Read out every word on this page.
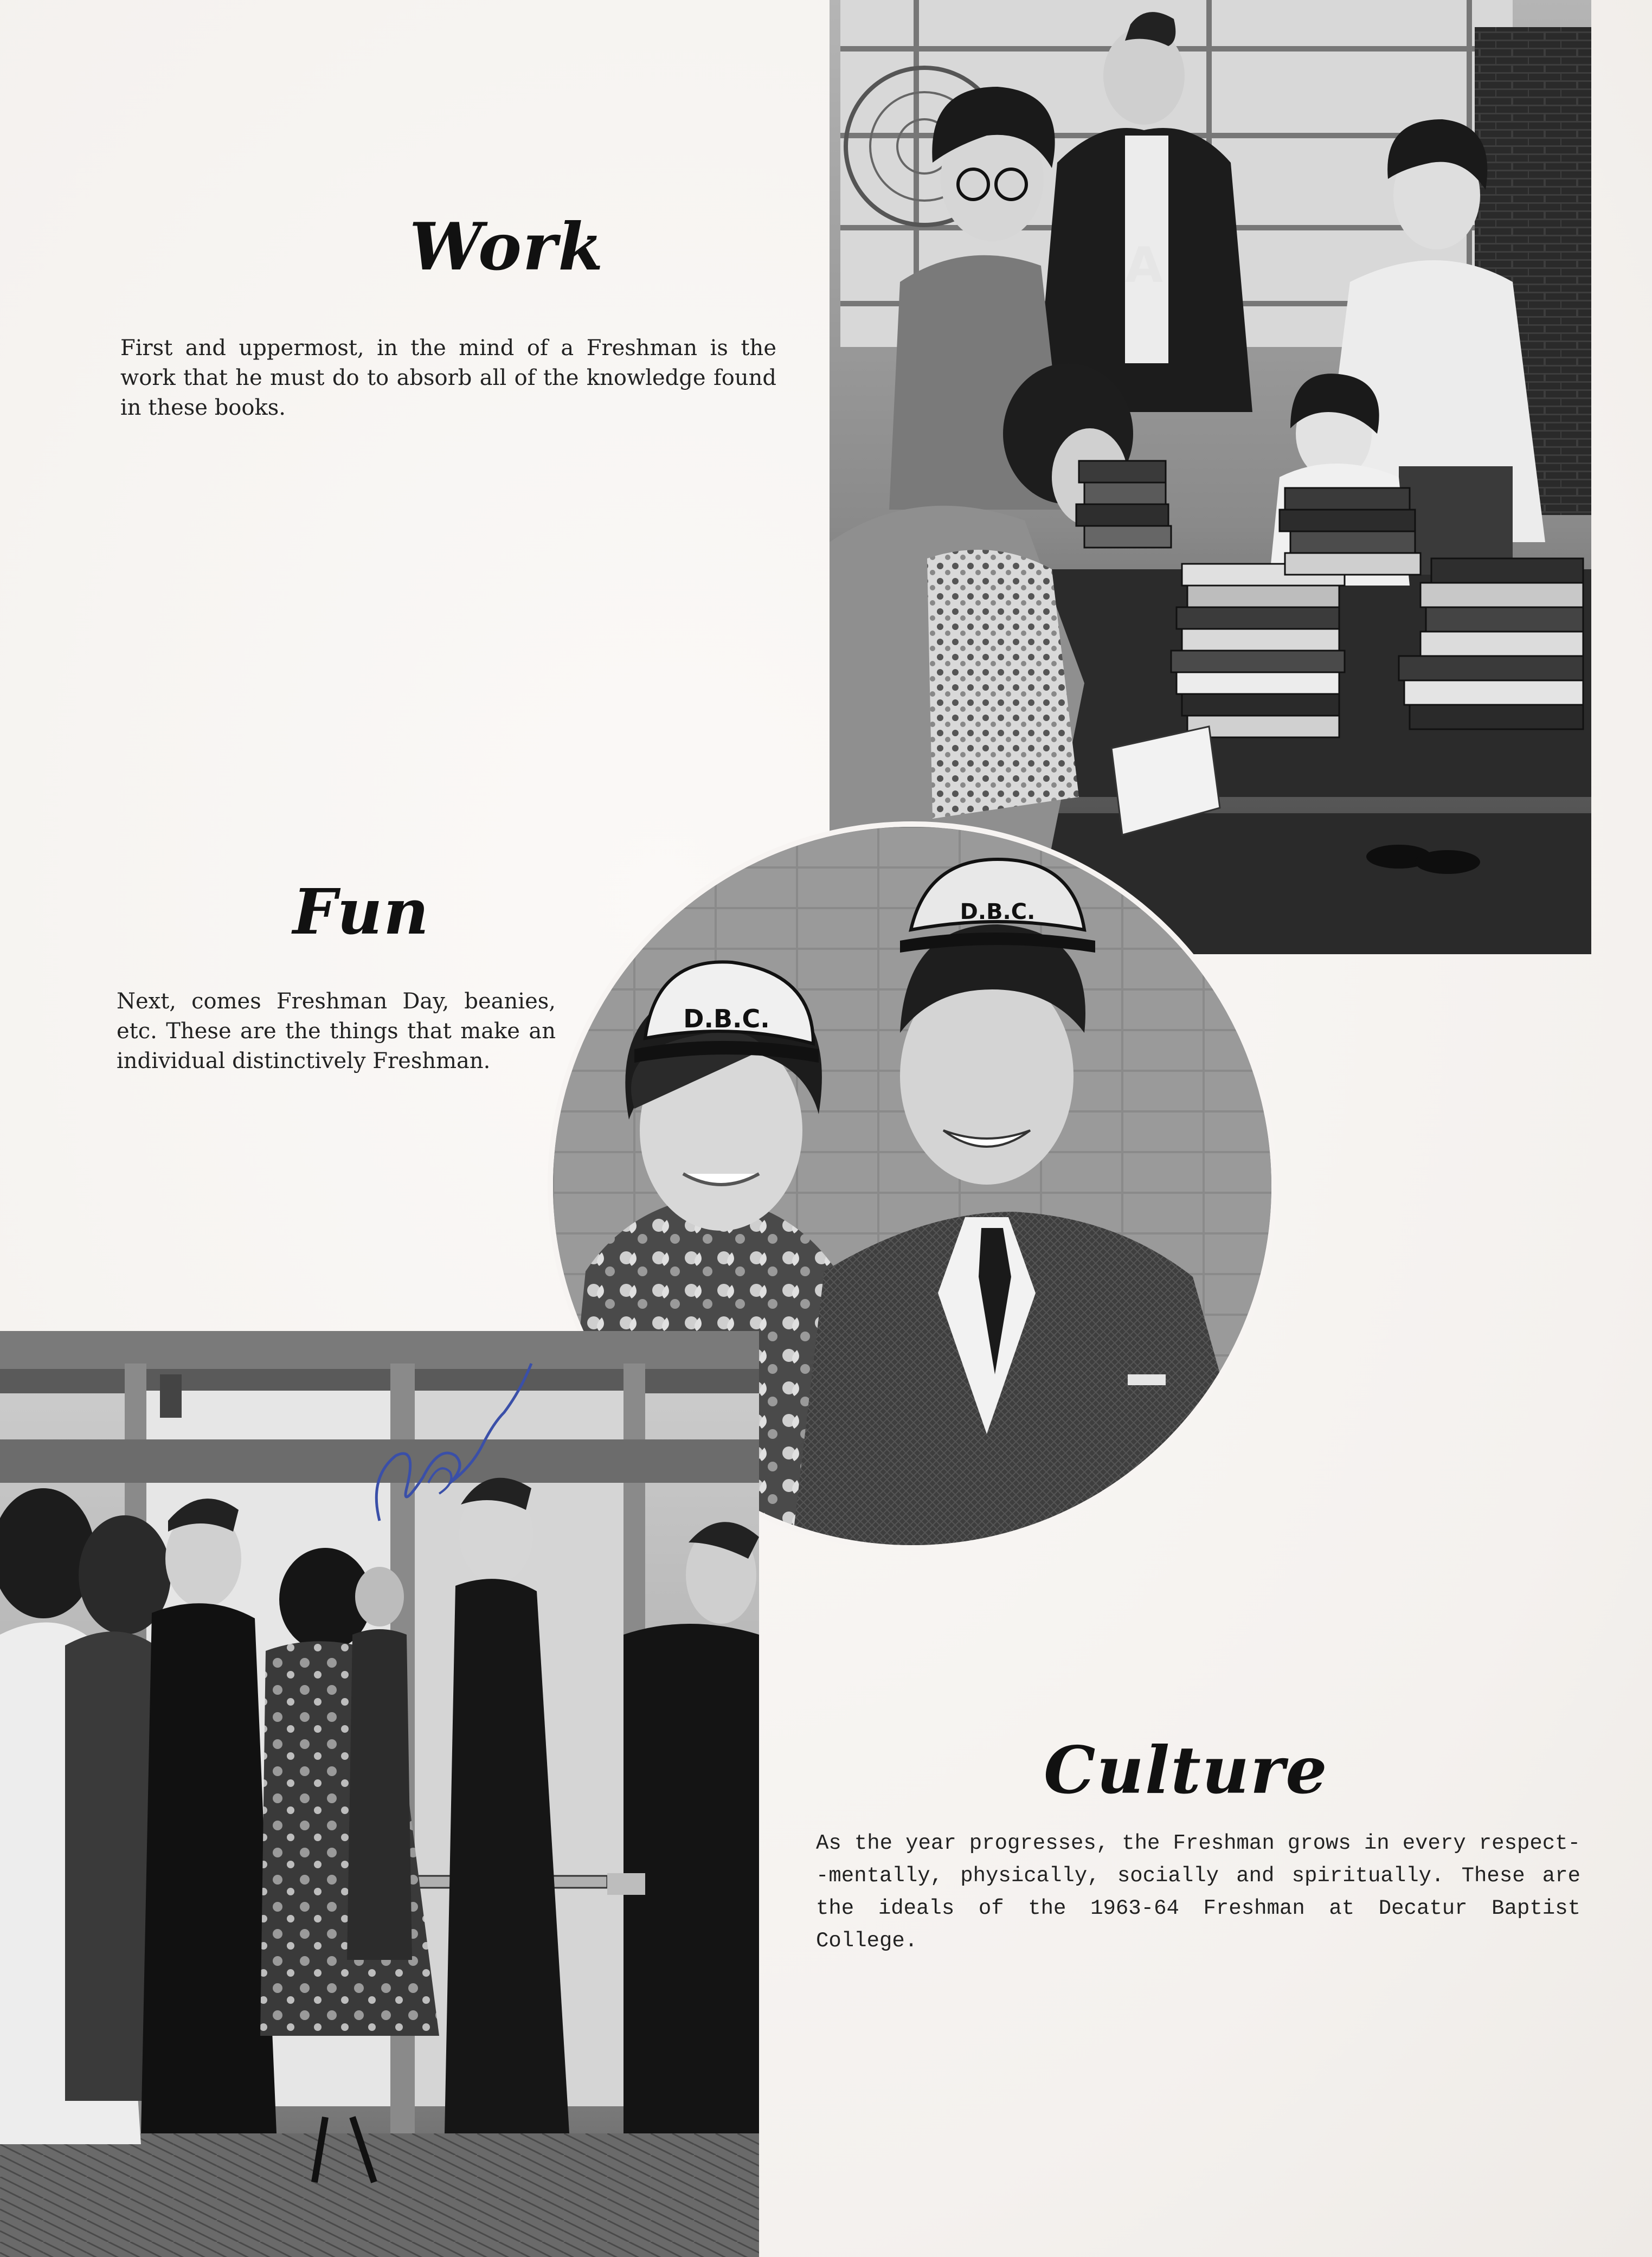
Work
First and uppermost, in the mind of a Freshman is the work that he must do to absorb all of the knowledge found in these books.
A
Fun
Next, comes Freshman Day, beanies, etc. These are the things that make an individual distinctively Freshman.
D.B.C.
D.B.C.
Culture
As the year progresses, the Freshman grows in every respect--mentally, physically, socially and spiritually. These are the ideals of the 1963-64 Freshman at Decatur Baptist College.
